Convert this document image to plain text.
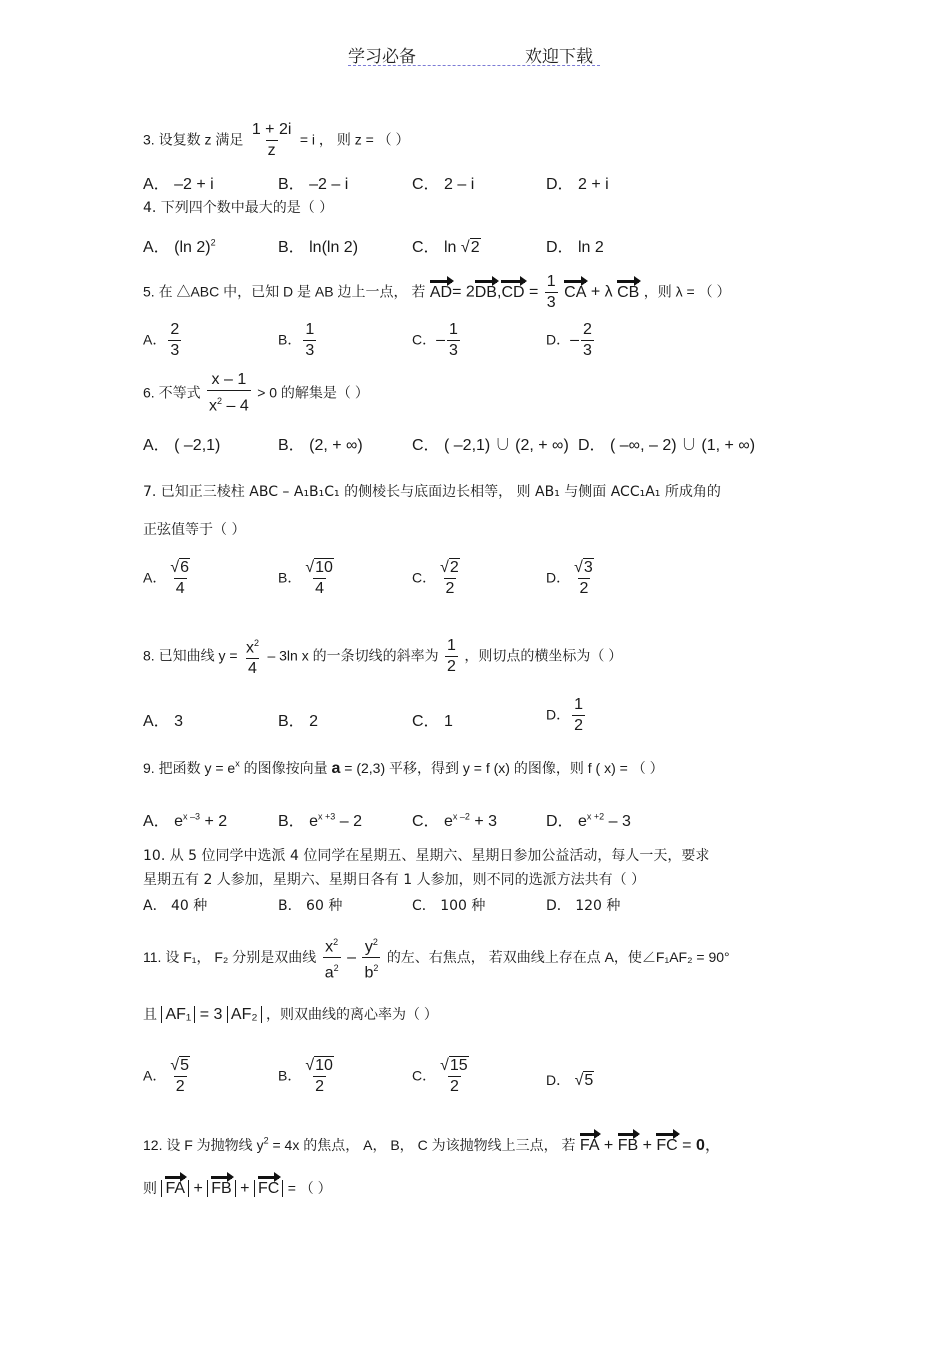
学习必备	欢迎下载
3. 设复数 z 满足 $\frac{1 + 2i}{z} = i$ ， 则 z = （ ）
A． –2 + i	B． –2 – i	C． 2 – i	D． 2 + i
4. 下列四个数中最大的是（ ）
A． (ln 2)$^2$	B． ln(ln 2)	C． ln √2	D． ln 2
5. 在 △ABC 中，已知 D 是 AB 边上一点， 若 $AD= 2DB,CD = \frac{1}{3}$ CA + λ CB ，则 λ = （ ）
A． $\frac{2}{3}$	B． $\frac{1}{3}$	C．– $\frac{1}{3}$	D．– $\frac{2}{3}$
6. 不等式 $\frac{x - 1}{x^2 - 4} > 0$ 的解集是（ ）
A． ( –2,1)	B． (2, + ∞)	C． ( –2,1) ∪ (2, + ∞) D． ( –∞, – 2) ∪ (1, + ∞)
7. 已知正三棱柱 ABC – A₁B₁C₁ 的侧棱长与底面边长相等， 则 AB₁ 与侧面 ACC₁A₁ 所成角的
正弦值等于（ ）
A． $\frac{√6}{4}$	B． $\frac{√10}{4}$	C． $\frac{√2}{2}$	D． $\frac{√3}{2}$
8. 已知曲线 $y = \frac{x^2}{4} - 3\ln$ x 的一条切线的斜率为 $\frac{1}{2}$ ，则切点的横坐标为（ ）
A． 3	B． 2	C． 1	D． $\frac{1}{2}$
9. 把函数 $y = e^x$ 的图像按向量 a = (2,3) 平移，得到 y = f (x) 的图像，则 f ( x) = （ ）
A． $e^{x -3} + 2$	B． $e^{x +3} - 2$	C． $e^{x -2} + 3$	D． $e^{x +2} - 3$
10. 从 5 位同学中选派 4 位同学在星期五、星期六、星期日参加公益活动，每人一天，要求
星期五有 2 人参加，星期六、星期日各有 1 人参加，则不同的选派方法共有（ ）
A． 40 种	B． 60 种	C． 100 种	D． 120 种
11. 设 F₁， F₂ 分别是双曲线 $\frac{x^2}{a^2} - \frac{y^2}{b^2}$ 的左、右焦点， 若双曲线上存在点 A，使∠F₁AF₂ = 90°
且 AF₁ = 3 AF₂ ，则双曲线的离心率为（ ）
A． $\frac{√5}{2}$	B． $\frac{√10}{2}$	C． $\frac{√15}{2}$	D． √5
12. 设 F 为抛物线 $y^2 = 4x$ 的焦点， A， B， C 为该抛物线上三点， 若 FA + FB + FC = 0，
则 FA + FB + FC = （ ）
